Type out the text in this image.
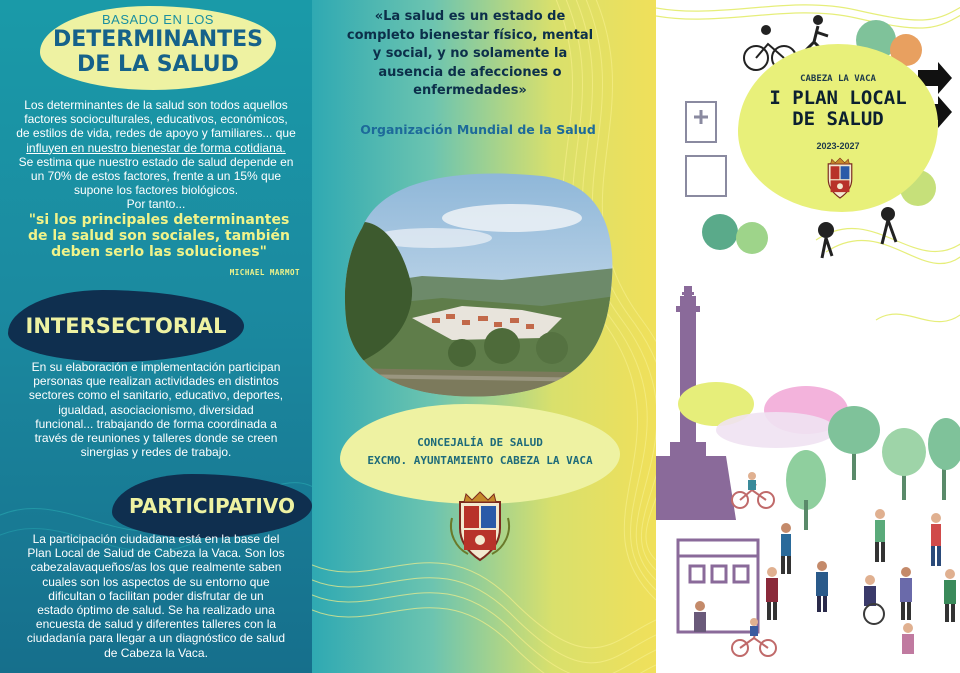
BASADO EN LOS
DETERMINANTES
DE LA SALUD
Los determinantes de la salud son todos aquellos
factores socioculturales, educativos, económicos,
de estilos de vida, redes de apoyo y familiares... que
influyen en nuestro bienestar de forma cotidiana.
Se estima que nuestro estado de salud depende en
un 70% de estos factores, frente a un 15% que
supone los factores biológicos.
Por tanto...
"si los principales determinantes
de la salud son sociales, también
deben serlo las soluciones"
MICHAEL MARMOT
INTERSECTORIAL
En su elaboración e implementación participan
personas que realizan actividades en distintos
sectores como el sanitario, educativo, deportes,
igualdad, asociacionismo, diversidad
funcional... trabajando de forma coordinada a
través de reuniones y talleres donde se creen
sinergias y redes de trabajo.
PARTICIPATIVO
La participación ciudadana está en la base del
Plan Local de Salud de Cabeza la Vaca. Son los
cabezalavaqueños/as los que realmente saben
cuales son los aspectos de su entorno que
dificultan o facilitan poder disfrutar de un
estado óptimo de salud. Se ha realizado una
encuesta de salud y diferentes talleres con la
ciudadanía para llegar a un diagnóstico de salud
de Cabeza la Vaca.
«La salud es un estado de
completo bienestar físico, mental
y social, y no solamente la
ausencia de afecciones o
enfermedades»
Organización Mundial de la Salud
CONCEJALÍA DE SALUD
EXCMO. AYUNTAMIENTO CABEZA LA VACA
CABEZA LA VACA
I PLAN LOCAL
DE SALUD
2023-2027
